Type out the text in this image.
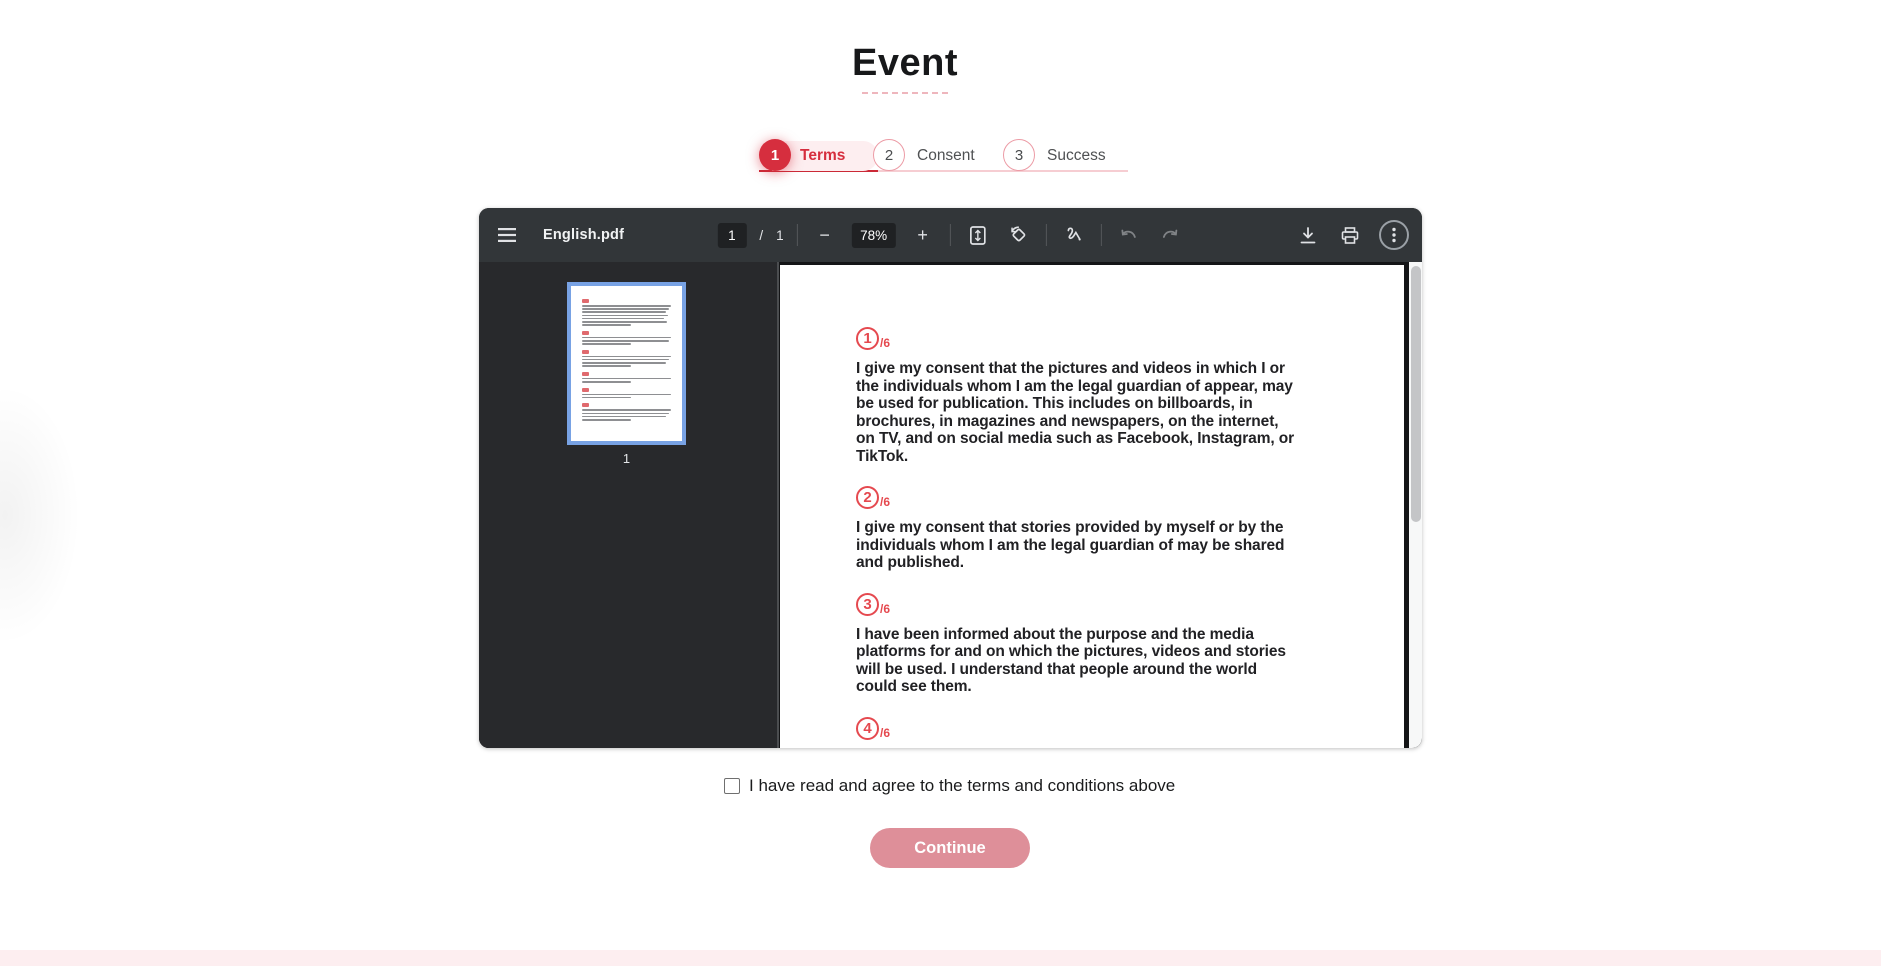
Event
1	Terms	2	Consent	3	Success
English.pdf	1	/ 1	−	78%	+
1
1 $_{/6}$
I give my consent that the pictures and videos in which I or the individuals whom I am the legal guardian of appear, may be used for publication. This includes on billboards, in brochures, in magazines and newspapers, on the internet, on TV, and on social media such as Facebook, Instagram, or TikTok.
2 $_{/6}$
I give my consent that stories provided by myself or by the individuals whom I am the legal guardian of may be shared and published.
3 $_{/6}$
I have been informed about the purpose and the media platforms for and on which the pictures, videos and stories will be used. I understand that people around the world could see them.
4 $_{/6}$
I have read and agree to the terms and conditions above
Continue
